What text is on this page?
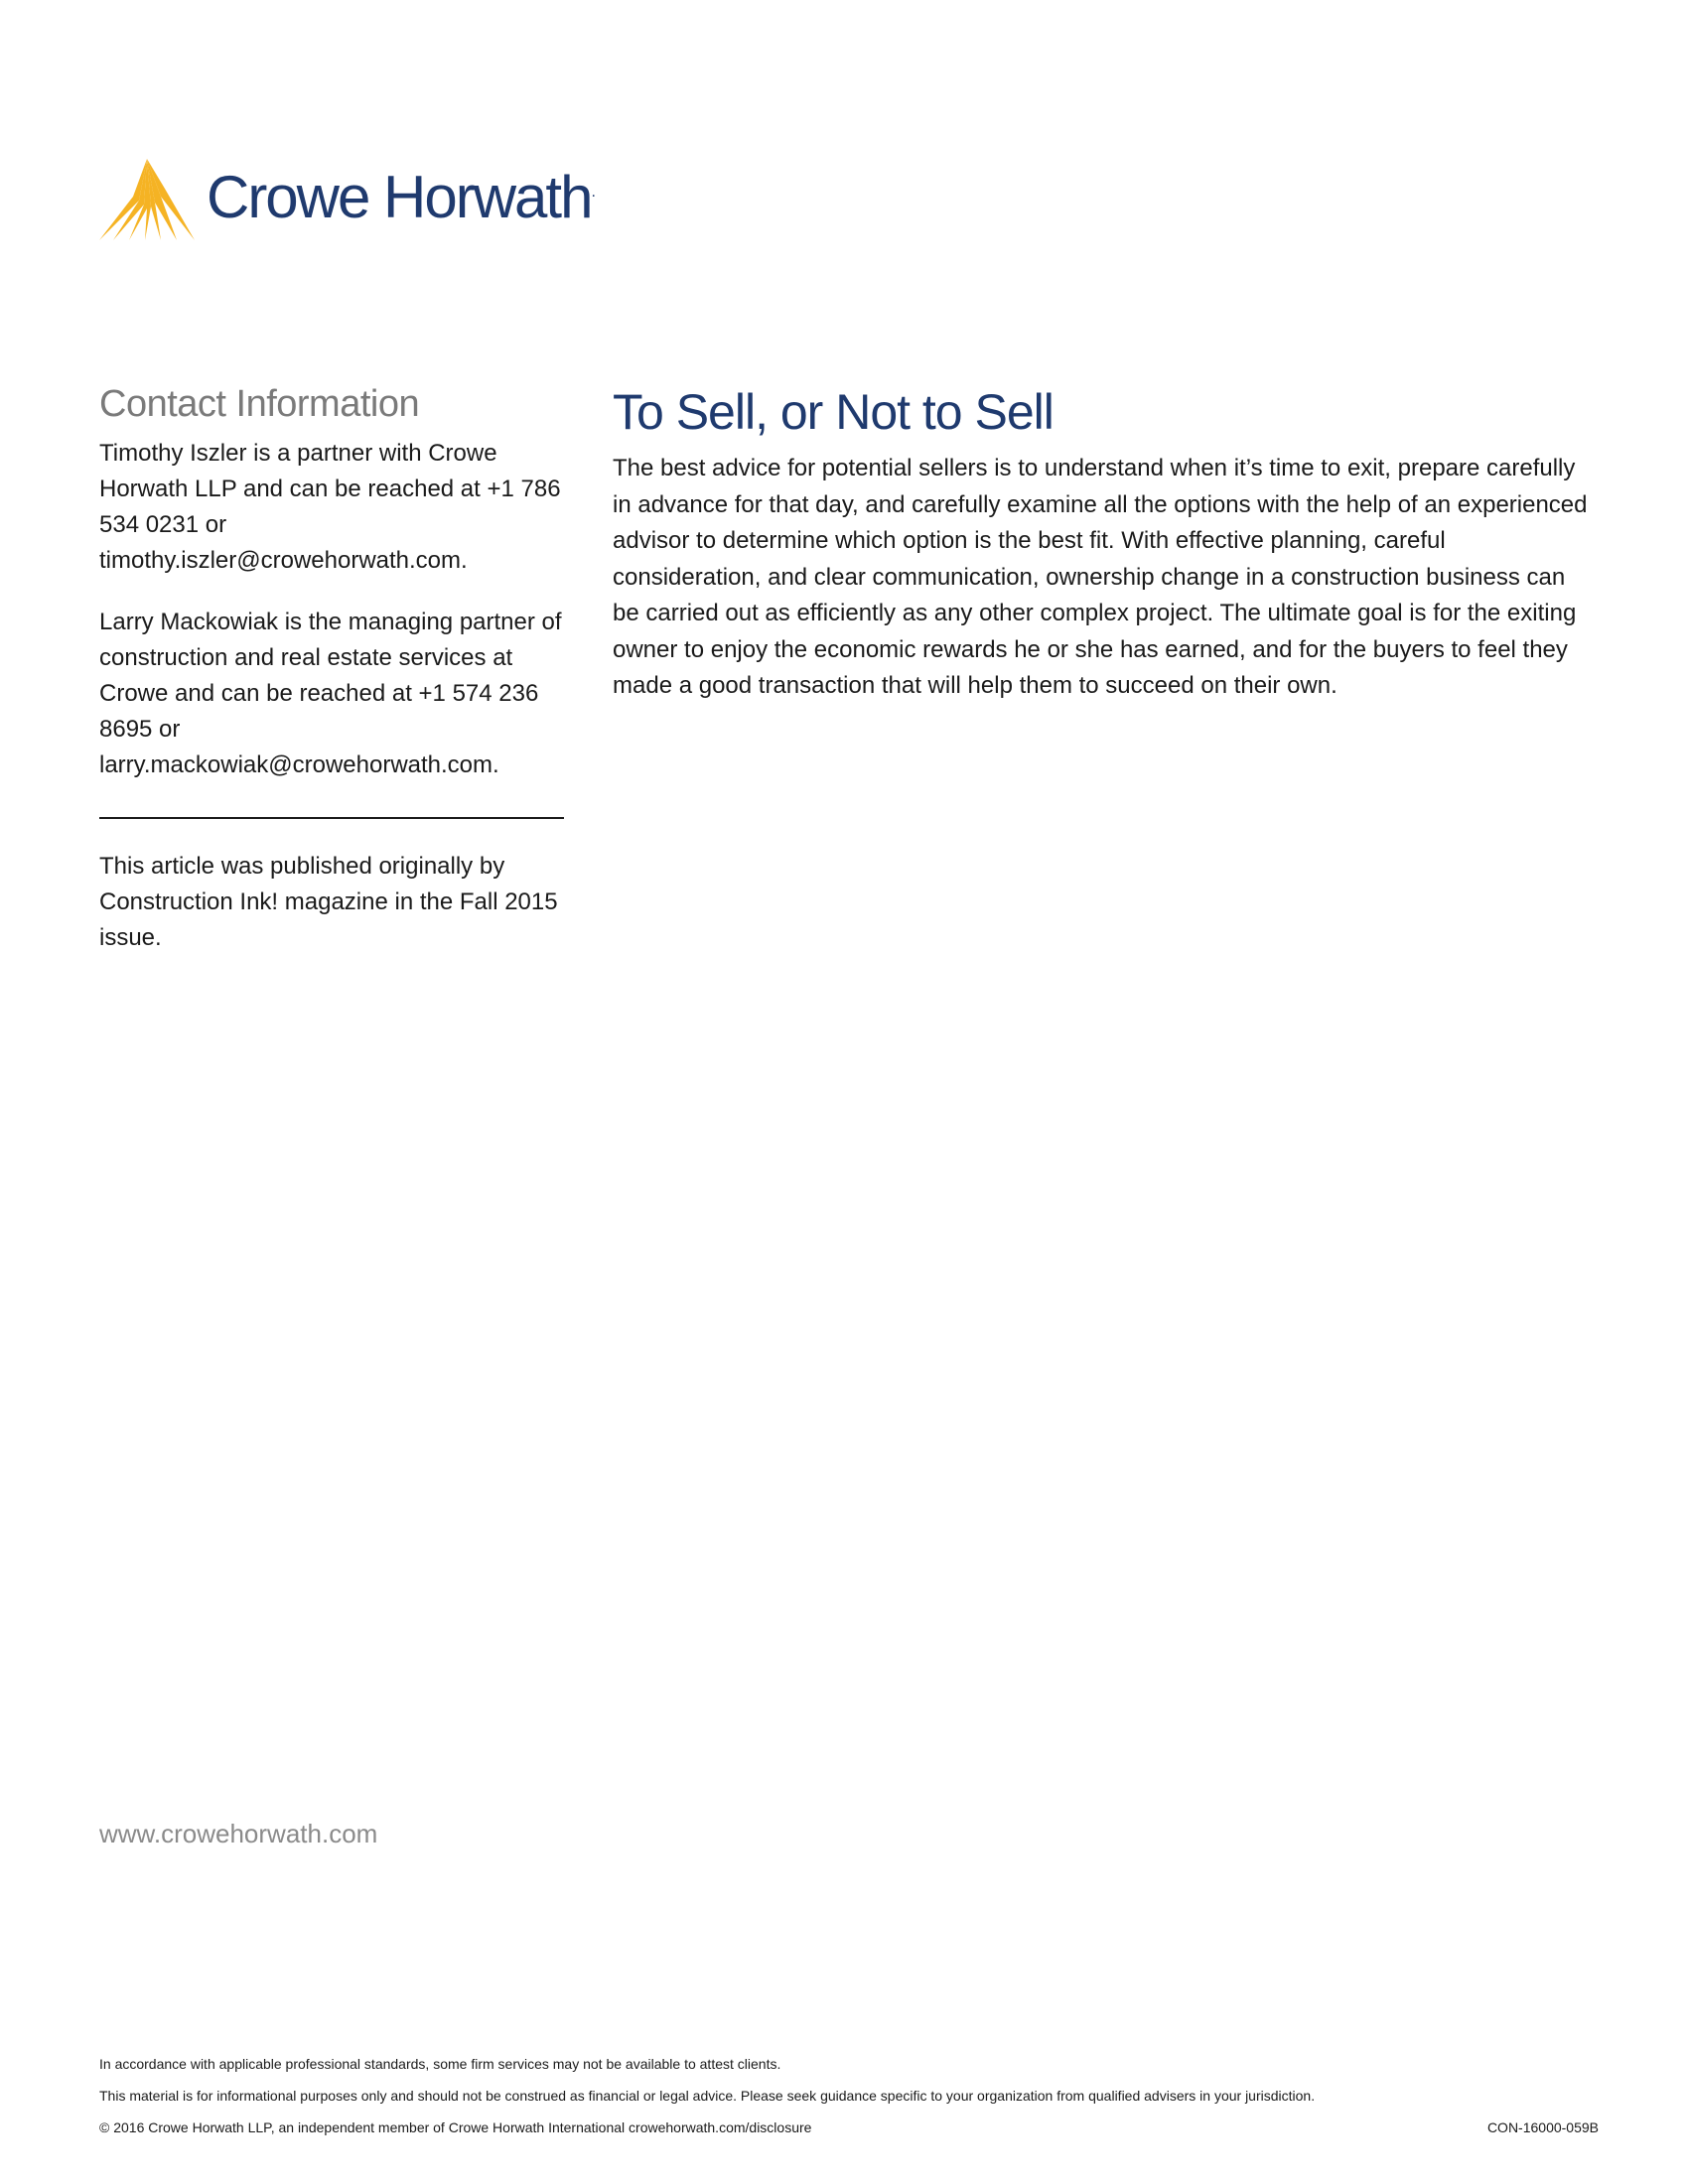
Crowe Horwath.
Contact Information

Timothy Iszler is a partner with Crowe Horwath LLP and can be reached at +1 786 534 0231 or timothy.iszler@crowehorwath.com.

Larry Mackowiak is the managing partner of construction and real estate services at Crowe and can be reached at +1 574 236 8695 or larry.mackowiak@crowehorwath.com.

This article was published originally by Construction Ink! magazine in the Fall 2015 issue.

To Sell, or Not to Sell

The best advice for potential sellers is to understand when it’s time to exit, prepare carefully in advance for that day, and carefully examine all the options with the help of an experienced advisor to determine which option is the best fit. With effective planning, careful consideration, and clear communication, ownership change in a construction business can be carried out as efficiently as any other complex project. The ultimate goal is for the exiting owner to enjoy the economic rewards he or she has earned, and for the buyers to feel they made a good transaction that will help them to succeed on their own.

www.crowehorwath.com
In accordance with applicable professional standards, some firm services may not be available to attest clients.
This material is for informational purposes only and should not be construed as financial or legal advice. Please seek guidance specific to your organization from qualified advisers in your jurisdiction.
© 2016 Crowe Horwath LLP, an independent member of Crowe Horwath International crowehorwath.com/disclosure	CON-16000-059B
